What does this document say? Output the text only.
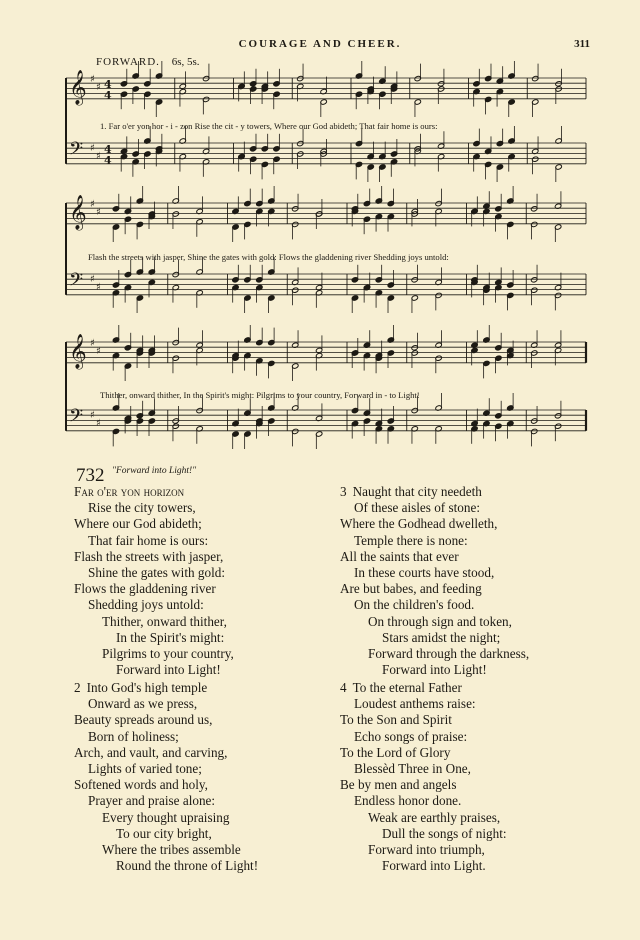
COURAGE AND CHEER.	311
FORWARD. 6s, 5s.
𝄞 ♯
♯ 4
4
𝄢 ♯
♯
4
4
𝄞 ♯
♯
𝄢 ♯
♯
𝄞 ♯
♯
𝄢 ♯
♯
1. Far o'er yon hor - i - zon Rise the cit - y towers, Where our God abideth; That fair home is ours:
Flash the streets with jasper, Shine the gates with gold: Flows the gladdening river Shedding joys untold:
Thither, onward thither, In the Spirit's might: Pilgrims to your country, Forward in - to Light!
732 "Forward into Light!"
Far o'er yon horizon
Rise the city towers,
Where our God abideth;
That fair home is ours:
Flash the streets with jasper,
Shine the gates with gold:
Flows the gladdening river
Shedding joys untold:
Thither, onward thither,
In the Spirit's might:
Pilgrims to your country,
Forward into Light!
2 Into God's high temple
Onward as we press,
Beauty spreads around us,
Born of holiness;
Arch, and vault, and carving,
Lights of varied tone;
Softened words and holy,
Prayer and praise alone:
Every thought upraising
To our city bright,
Where the tribes assemble
Round the throne of Light!
3 Naught that city needeth
Of these aisles of stone:
Where the Godhead dwelleth,
Temple there is none:
All the saints that ever
In these courts have stood,
Are but babes, and feeding
On the children's food.
On through sign and token,
Stars amidst the night;
Forward through the darkness,
Forward into Light!
4 To the eternal Father
Loudest anthems raise:
To the Son and Spirit
Echo songs of praise:
To the Lord of Glory
Blessèd Three in One,
Be by men and angels
Endless honor done.
Weak are earthly praises,
Dull the songs of night:
Forward into triumph,
Forward into Light.
